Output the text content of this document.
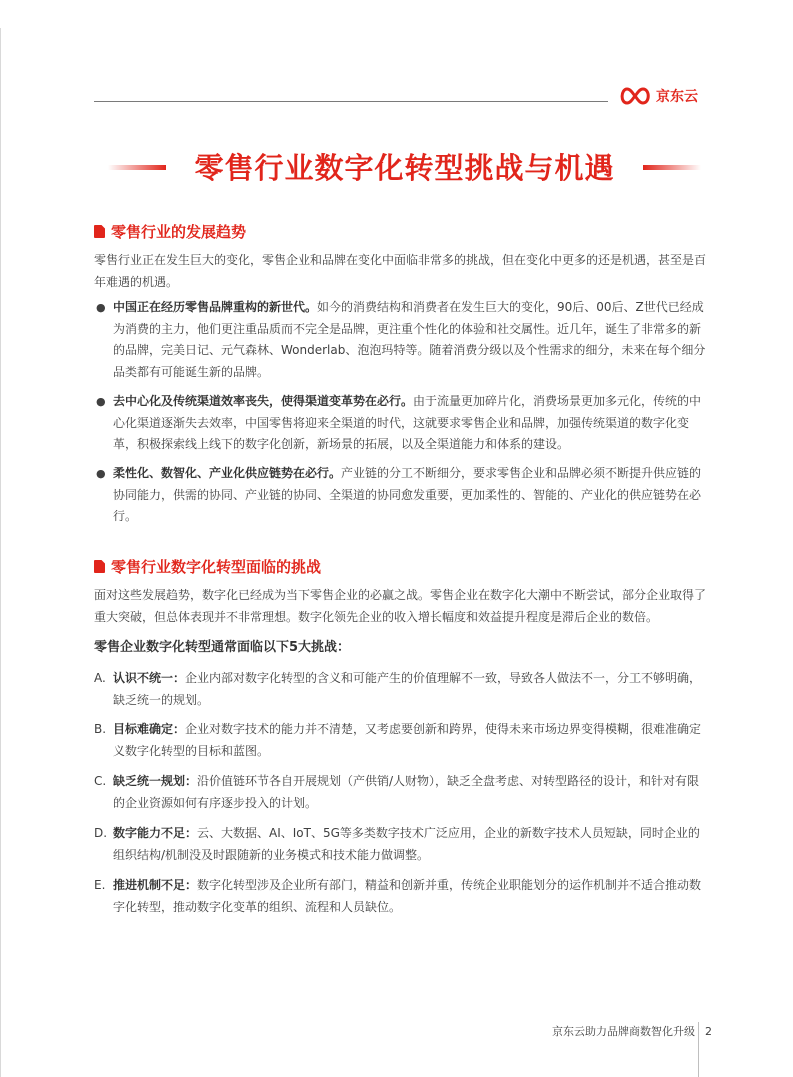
京东云
零售行业数字化转型挑战与机遇
零售行业的发展趋势

零售行业正在发生巨大的变化，零售企业和品牌在变化中面临非常多的挑战，但在变化中更多的还是机遇，甚至是百年难遇的机遇。

● 中国正在经历零售品牌重构的新世代。如今的消费结构和消费者在发生巨大的变化，90后、00后、Z世代已经成为消费的主力，他们更注重品质而不完全是品牌，更注重个性化的体验和社交属性。近几年，诞生了非常多的新的品牌，完美日记、元气森林、Wonderlab、泡泡玛特等。随着消费分级以及个性需求的细分，未来在每个细分品类都有可能诞生新的品牌。

● 去中心化及传统渠道效率丧失，使得渠道变革势在必行。由于流量更加碎片化，消费场景更加多元化，传统的中心化渠道逐渐失去效率，中国零售将迎来全渠道的时代，这就要求零售企业和品牌，加强传统渠道的数字化变革，积极探索线上线下的数字化创新，新场景的拓展，以及全渠道能力和体系的建设。

● 柔性化、数智化、产业化供应链势在必行。产业链的分工不断细分，要求零售企业和品牌必须不断提升供应链的协同能力，供需的协同、产业链的协同、全渠道的协同愈发重要，更加柔性的、智能的、产业化的供应链势在必行。

零售行业数字化转型面临的挑战

面对这些发展趋势，数字化已经成为当下零售企业的必赢之战。零售企业在数字化大潮中不断尝试，部分企业取得了重大突破，但总体表现并不非常理想。数字化领先企业的收入增长幅度和效益提升程度是滞后企业的数倍。

零售企业数字化转型通常面临以下5大挑战：
A. 认识不统一：企业内部对数字化转型的含义和可能产生的价值理解不一致，导致各人做法不一，分工不够明确，缺乏统一的规划。

B. 目标难确定：企业对数字技术的能力并不清楚，又考虑要创新和跨界，使得未来市场边界变得模糊，很难准确定义数字化转型的目标和蓝图。

C. 缺乏统一规划：沿价值链环节各自开展规划（产供销/人财物），缺乏全盘考虑、对转型路径的设计，和针对有限的企业资源如何有序逐步投入的计划。

D. 数字能力不足：云、大数据、AI、IoT、5G等多类数字技术广泛应用，企业的新数字技术人员短缺，同时企业的组织结构/机制没及时跟随新的业务模式和技术能力做调整。

E. 推进机制不足：数字化转型涉及企业所有部门，精益和创新并重，传统企业职能划分的运作机制并不适合推动数字化转型，推动数字化变革的组织、流程和人员缺位。

京东云助力品牌商数智化升级 2
